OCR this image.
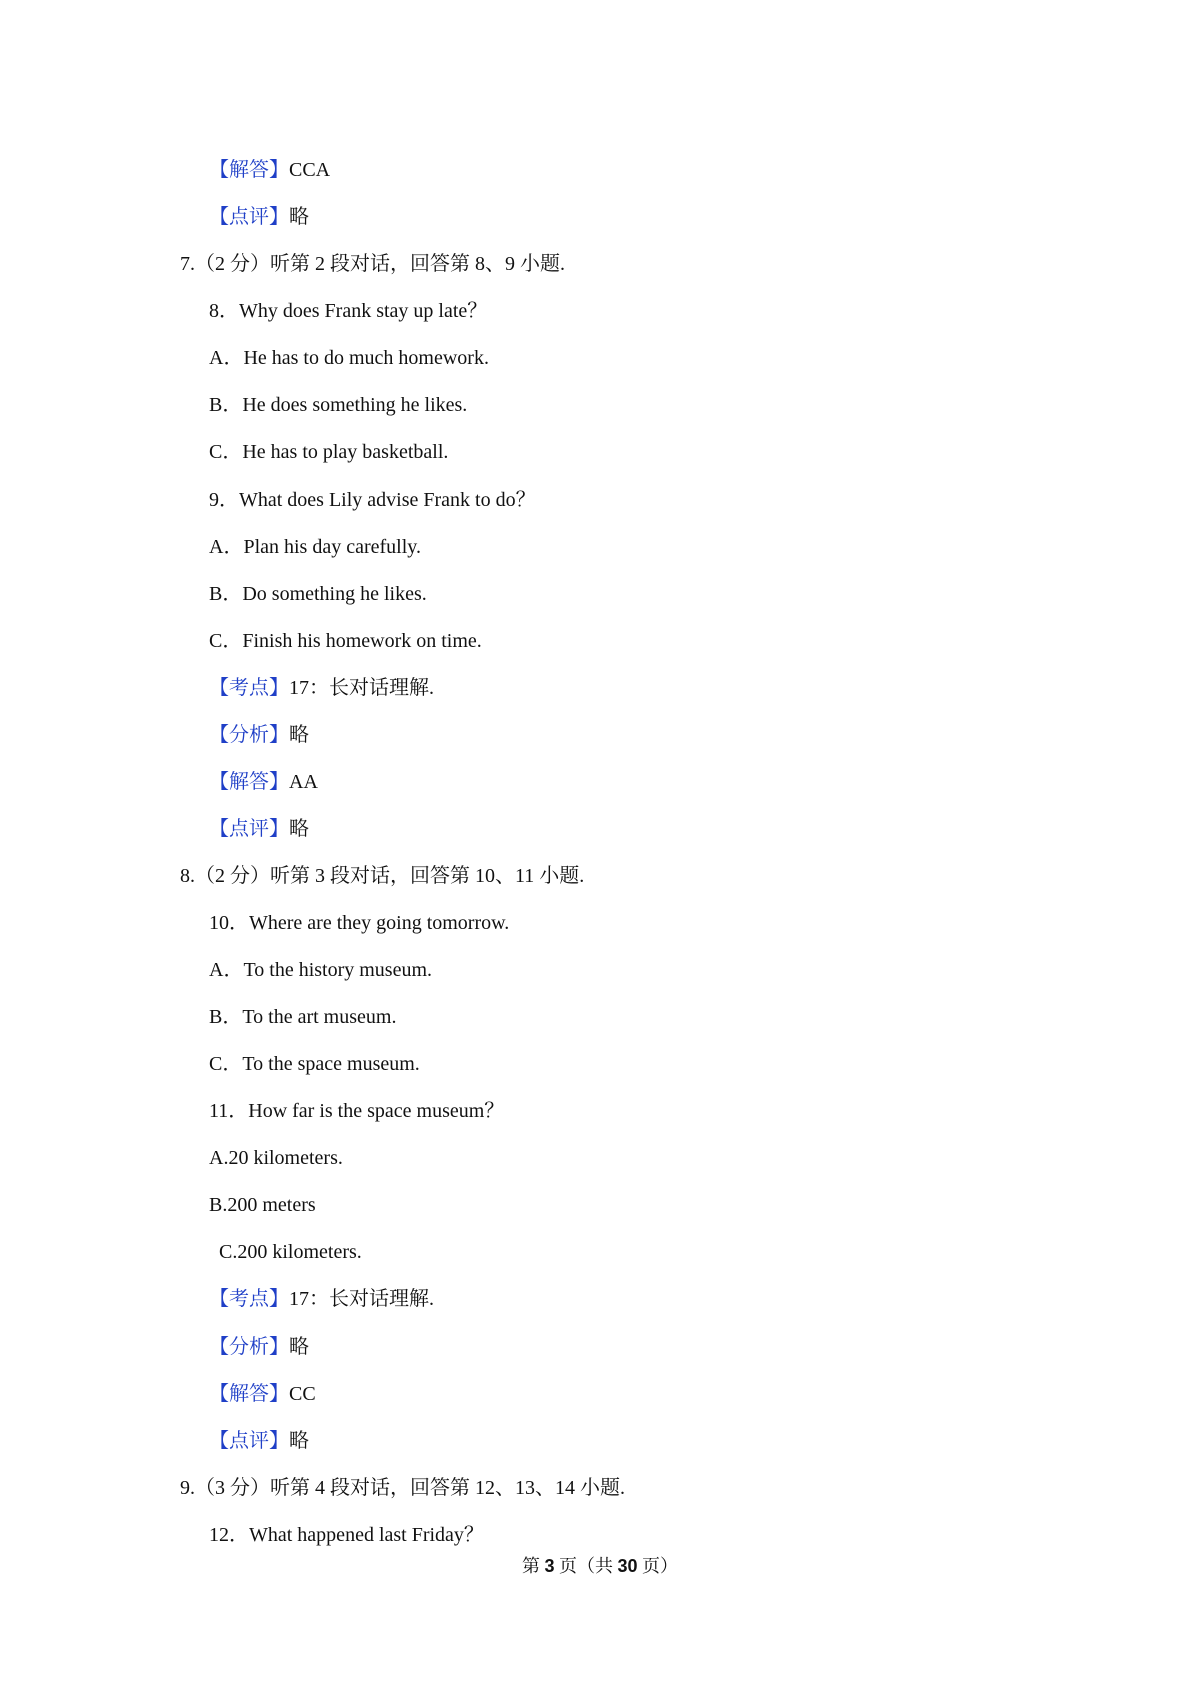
【解答】CCA
【点评】略
7.（2 分）听第 2 段对话，回答第 8、9 小题.
8．Why does Frank stay up late？
A．He has to do much homework.
B．He does something he likes.
C．He has to play basketball.
9．What does Lily advise Frank to do？
A．Plan his day carefully.
B．Do something he likes.
C．Finish his homework on time.
【考点】17：长对话理解.
【分析】略
【解答】AA
【点评】略
8.（2 分）听第 3 段对话，回答第 10、11 小题.
10．Where are they going tomorrow.
A．To the history museum.
B．To the art museum.
C．To the space museum.
11．How far is the space museum？
A.20 kilometers.
B.200 meters
C.200 kilometers.
【考点】17：长对话理解.
【分析】略
【解答】CC
【点评】略
9.（3 分）听第 4 段对话，回答第 12、13、14 小题.
12．What happened last Friday？
第 3 页（共 30 页）
